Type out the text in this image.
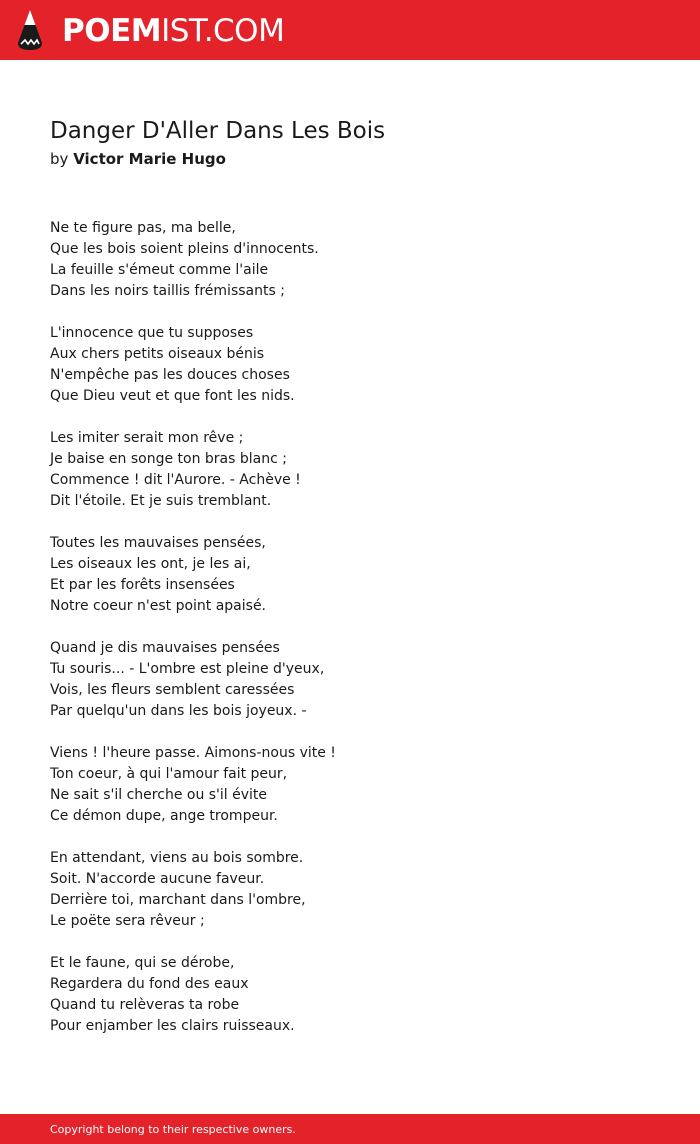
POEMIST.COM
Danger D'Aller Dans Les Bois
by Victor Marie Hugo
Ne te figure pas, ma belle,
Que les bois soient pleins d'innocents.
La feuille s'émeut comme l'aile
Dans les noirs taillis frémissants ;
L'innocence que tu supposes
Aux chers petits oiseaux bénis
N'empêche pas les douces choses
Que Dieu veut et que font les nids.
Les imiter serait mon rêve ;
Je baise en songe ton bras blanc ;
Commence ! dit l'Aurore. - Achève !
Dit l'étoile. Et je suis tremblant.
Toutes les mauvaises pensées,
Les oiseaux les ont, je les ai,
Et par les forêts insensées
Notre coeur n'est point apaisé.
Quand je dis mauvaises pensées
Tu souris... - L'ombre est pleine d'yeux,
Vois, les fleurs semblent caressées
Par quelqu'un dans les bois joyeux. -
Viens ! l'heure passe. Aimons-nous vite !
Ton coeur, à qui l'amour fait peur,
Ne sait s'il cherche ou s'il évite
Ce démon dupe, ange trompeur.
En attendant, viens au bois sombre.
Soit. N'accorde aucune faveur.
Derrière toi, marchant dans l'ombre,
Le poëte sera rêveur ;
Et le faune, qui se dérobe,
Regardera du fond des eaux
Quand tu relèveras ta robe
Pour enjamber les clairs ruisseaux.
Copyright belong to their respective owners.
